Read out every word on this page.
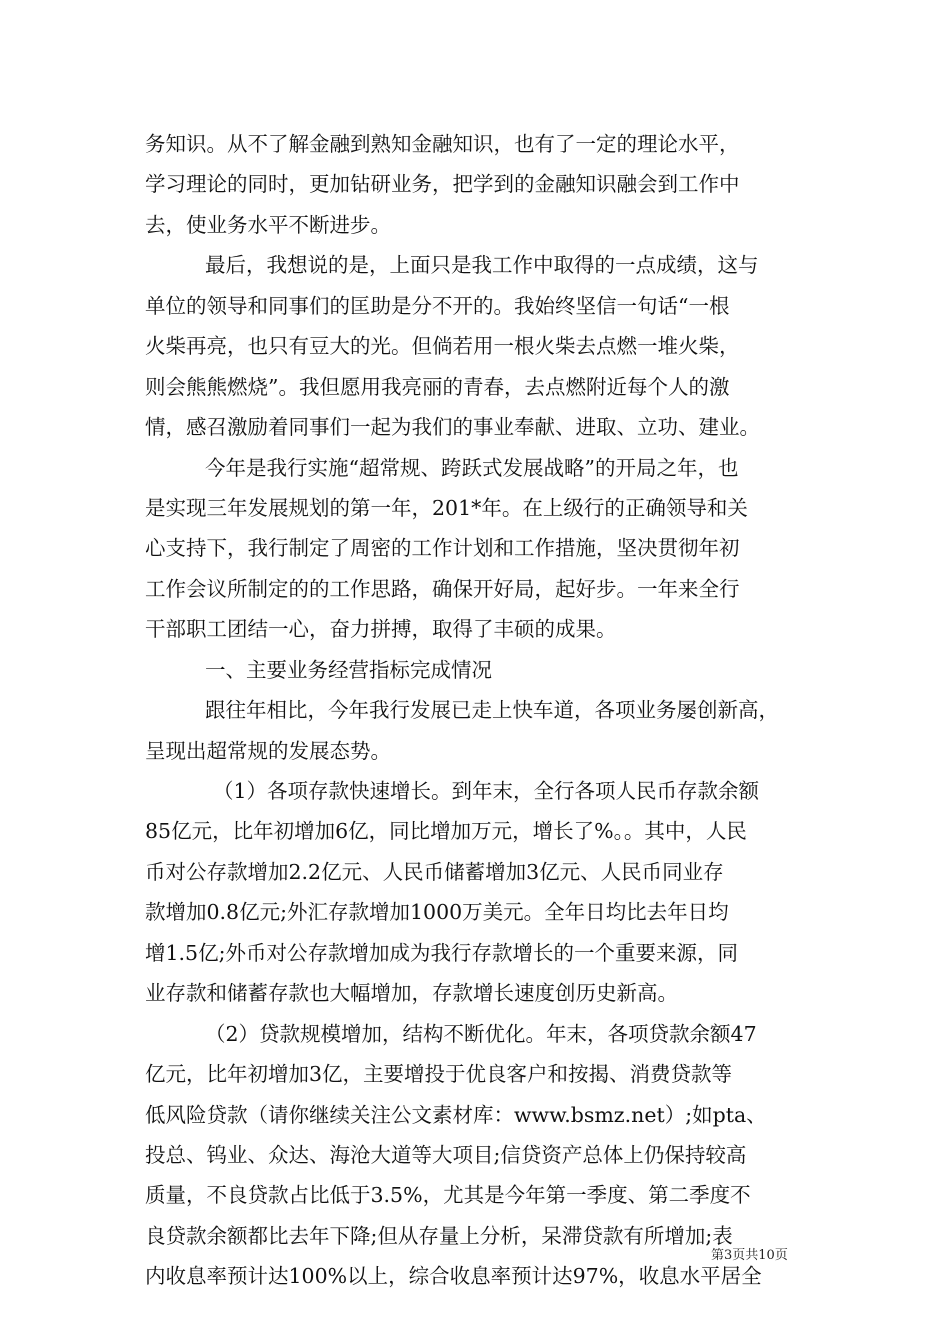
务知识。从不了解金融到熟知金融知识，也有了一定的理论水平，
学习理论的同时，更加钻研业务，把学到的金融知识融会到工作中
去，使业务水平不断进步。
最后，我想说的是，上面只是我工作中取得的一点成绩，这与
单位的领导和同事们的匡助是分不开的。我始终坚信一句话“一根
火柴再亮，也只有豆大的光。但倘若用一根火柴去点燃一堆火柴，
则会熊熊燃烧”。我但愿用我亮丽的青春，去点燃附近每个人的激
情，感召激励着同事们一起为我们的事业奉献、进取、立功、建业。
今年是我行实施“超常规、跨跃式发展战略”的开局之年，也
是实现三年发展规划的第一年，201*年。在上级行的正确领导和关
心支持下，我行制定了周密的工作计划和工作措施，坚决贯彻年初
工作会议所制定的的工作思路，确保开好局，起好步。一年来全行
干部职工团结一心，奋力拼搏，取得了丰硕的成果。
一、主要业务经营指标完成情况
跟往年相比，今年我行发展已走上快车道，各项业务屡创新高，
呈现出超常规的发展态势。
（1）各项存款快速增长。到年末，全行各项人民币存款余额
85亿元，比年初增加6亿，同比增加万元，增长了%。。其中，人民
币对公存款增加2.2亿元、人民币储蓄增加3亿元、人民币同业存
款增加0.8亿元;外汇存款增加1000万美元。全年日均比去年日均
增1.5亿;外币对公存款增加成为我行存款增长的一个重要来源，同
业存款和储蓄存款也大幅增加，存款增长速度创历史新高。
（2）贷款规模增加，结构不断优化。年末，各项贷款余额47
亿元，比年初增加3亿，主要增投于优良客户和按揭、消费贷款等
低风险贷款（请你继续关注公文素材库：www.bsmz.net）;如pta、
投总、钨业、众达、海沧大道等大项目;信贷资产总体上仍保持较高
质量，不良贷款占比低于3.5%，尤其是今年第一季度、第二季度不
良贷款余额都比去年下降;但从存量上分析，呆滞贷款有所增加;表
内收息率预计达100%以上，综合收息率预计达97%，收息水平居全
第3页共10页
